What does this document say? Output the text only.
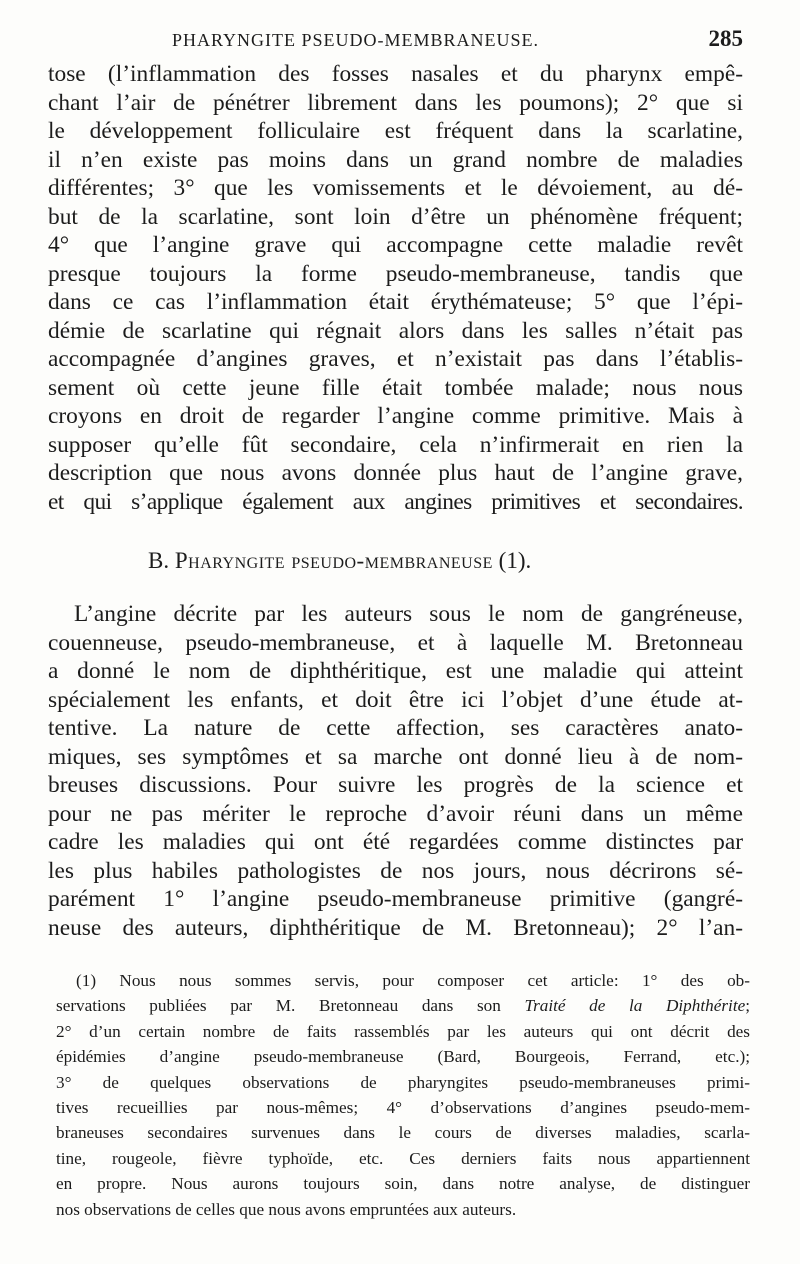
PHARYNGITE PSEUDO-MEMBRANEUSE.	285
tose (l’inflammation des fosses nasales et du pharynx empê-
chant l’air de pénétrer librement dans les poumons); 2° que si
le développement folliculaire est fréquent dans la scarlatine,
il n’en existe pas moins dans un grand nombre de maladies
différentes; 3° que les vomissements et le dévoiement, au dé-
but de la scarlatine, sont loin d’être un phénomène fréquent;
4° que l’angine grave qui accompagne cette maladie revêt
presque toujours la forme pseudo-membraneuse, tandis que
dans ce cas l’inflammation était érythémateuse; 5° que l’épi-
démie de scarlatine qui régnait alors dans les salles n’était pas
accompagnée d’angines graves, et n’existait pas dans l’établis-
sement où cette jeune fille était tombée malade; nous nous
croyons en droit de regarder l’angine comme primitive. Mais à
supposer qu’elle fût secondaire, cela n’infirmerait en rien la
description que nous avons donnée plus haut de l’angine grave,
et qui s’applique également aux angines primitives et secondaires.
B. Pharyngite pseudo-membraneuse (1).
L’angine décrite par les auteurs sous le nom de gangréneuse,
couenneuse, pseudo-membraneuse, et à laquelle M. Bretonneau
a donné le nom de diphthéritique, est une maladie qui atteint
spécialement les enfants, et doit être ici l’objet d’une étude at-
tentive. La nature de cette affection, ses caractères anato-
miques, ses symptômes et sa marche ont donné lieu à de nom-
breuses discussions. Pour suivre les progrès de la science et
pour ne pas mériter le reproche d’avoir réuni dans un même
cadre les maladies qui ont été regardées comme distinctes par
les plus habiles pathologistes de nos jours, nous décrirons sé-
parément 1° l’angine pseudo-membraneuse primitive (gangré-
neuse des auteurs, diphthéritique de M. Bretonneau); 2° l’an-
(1) Nous nous sommes servis, pour composer cet article: 1° des ob-
servations publiées par M. Bretonneau dans son Traité de la Diphthérite;
2° d’un certain nombre de faits rassemblés par les auteurs qui ont décrit des
épidémies d’angine pseudo-membraneuse (Bard, Bourgeois, Ferrand, etc.);
3° de quelques observations de pharyngites pseudo-membraneuses primi-
tives recueillies par nous-mêmes; 4° d’observations d’angines pseudo-mem-
braneuses secondaires survenues dans le cours de diverses maladies, scarla-
tine, rougeole, fièvre typhoïde, etc. Ces derniers faits nous appartiennent
en propre. Nous aurons toujours soin, dans notre analyse, de distinguer
nos observations de celles que nous avons empruntées aux auteurs.
